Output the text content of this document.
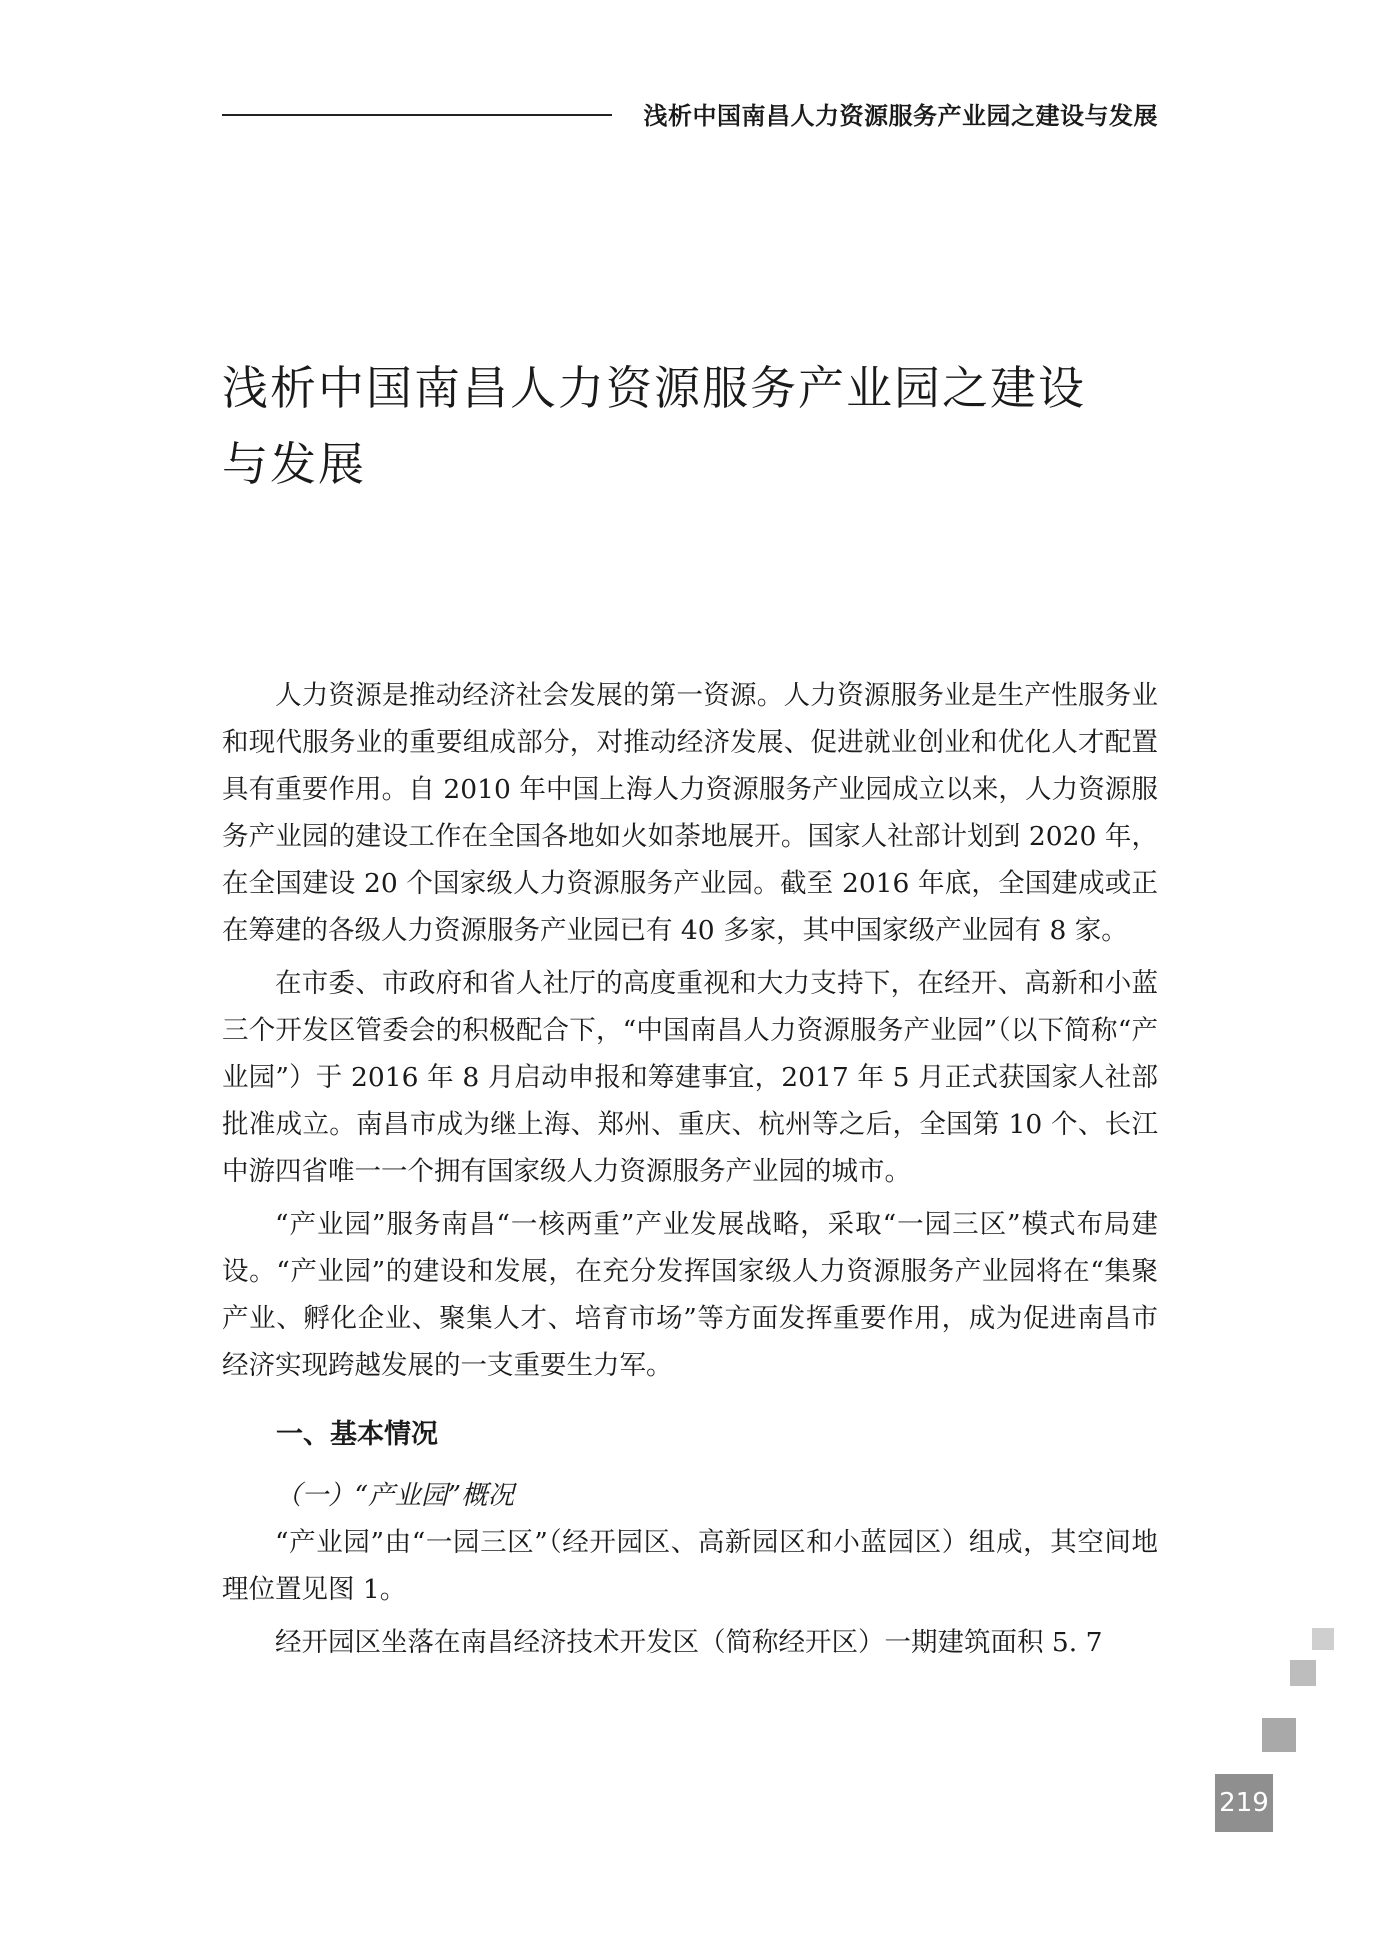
浅析中国南昌人力资源服务产业园之建设与发展
浅析中国南昌人力资源服务产业园之建设
与发展

人力资源是推动经济社会发展的第一资源。人力资源服务业是生产性服务业和现代服务业的重要组成部分，对推动经济发展、促进就业创业和优化人才配置具有重要作用。自 2010 年中国上海人力资源服务产业园成立以来，人力资源服务产业园的建设工作在全国各地如火如荼地展开。国家人社部计划到 2020 年，在全国建设 20 个国家级人力资源服务产业园。截至 2016 年底，全国建成或正在筹建的各级人力资源服务产业园已有 40 多家，其中国家级产业园有 8 家。

在市委、市政府和省人社厅的高度重视和大力支持下，在经开、高新和小蓝三个开发区管委会的积极配合下，“中国南昌人力资源服务产业园”（以下简称“产业园”）于 2016 年 8 月启动申报和筹建事宜，2017 年 5 月正式获国家人社部批准成立。南昌市成为继上海、郑州、重庆、杭州等之后，全国第 10 个、长江中游四省唯一一个拥有国家级人力资源服务产业园的城市。

“产业园”服务南昌“一核两重”产业发展战略，采取“一园三区”模式布局建设。“产业园”的建设和发展，在充分发挥国家级人力资源服务产业园将在“集聚产业、孵化企业、聚集人才、培育市场”等方面发挥重要作用，成为促进南昌市经济实现跨越发展的一支重要生力军。

一、基本情况

（一）“产业园”概况

“产业园”由“一园三区”（经开园区、高新园区和小蓝园区）组成，其空间地理位置见图 1。

经开园区坐落在南昌经济技术开发区（简称经开区）一期建筑面积 5. 7

219
